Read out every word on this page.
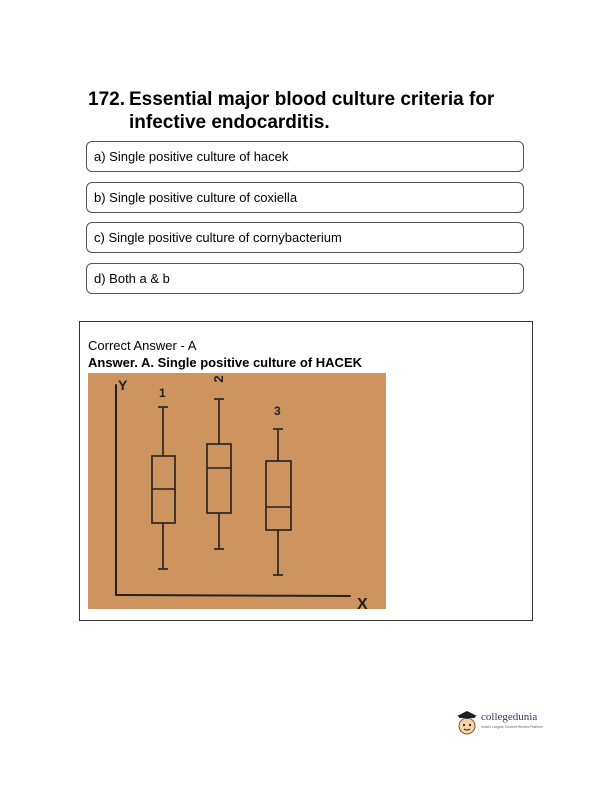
172. Essential major blood culture criteria for infective endocarditis.
a) Single positive culture of hacek
b) Single positive culture of coxiella
c) Single positive culture of cornybacterium
d) Both a & b
Correct Answer - A
Answer. A. Single positive culture of HACEK
Y
X
1
2
3
collegedunia
India's Largest Student Review Platform
